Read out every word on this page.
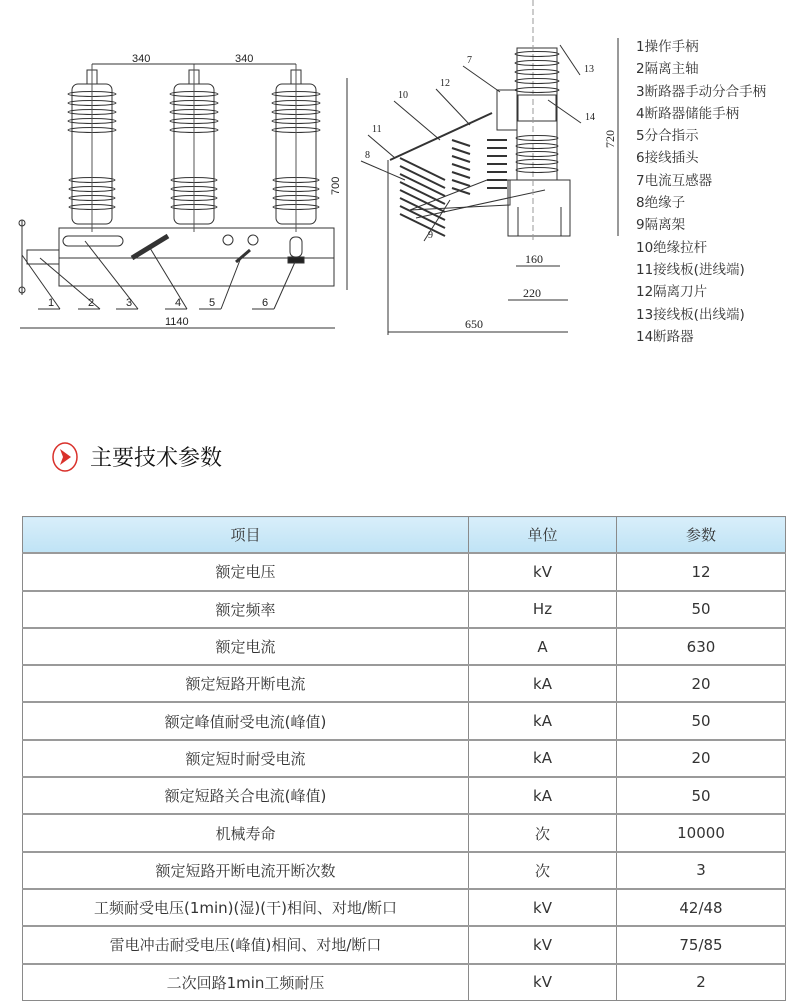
340	340
700
1140
1	2	3	4	5	6
720
160
220
650
7
12
10
11
8
9
13
14
1操作手柄
2隔离主轴
3断路器手动分合手柄
4断路器储能手柄
5分合指示
6接线插头
7电流互感器
8绝缘子
9隔离架
10绝缘拉杆
11接线板(进线端)
12隔离刀片
13接线板(出线端)
14断路器
主要技术参数
项目	单位	参数
额定电压	kV	12
额定频率	Hz	50
额定电流	A	630
额定短路开断电流	kA	20
额定峰值耐受电流(峰值)	kA	50
额定短时耐受电流	kA	20
额定短路关合电流(峰值)	kA	50
机械寿命	次	10000
额定短路开断电流开断次数	次	3
工频耐受电压(1min)(湿)(干)相间、对地/断口	kV	42/48
雷电冲击耐受电压(峰值)相间、对地/断口	kV	75/85
二次回路1min工频耐压	kV	2
